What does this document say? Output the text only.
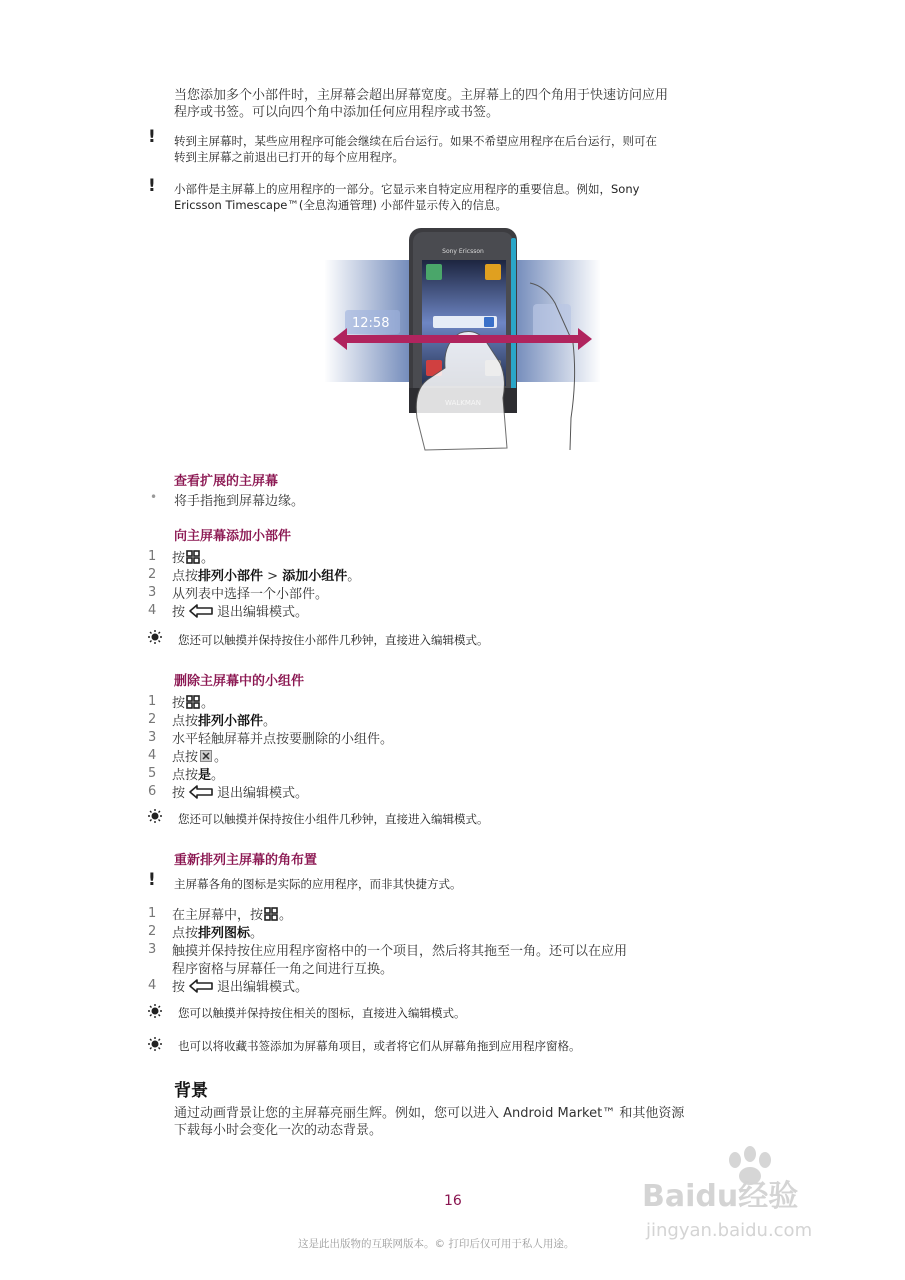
当您添加多个小部件时，主屏幕会超出屏幕宽度。主屏幕上的四个角用于快速访问应用
程序或书签。可以向四个角中添加任何应用程序或书签。
! 转到主屏幕时，某些应用程序可能会继续在后台运行。如果不希望应用程序在后台运行，则可在
转到主屏幕之前退出已打开的每个应用程序。
! 小部件是主屏幕上的应用程序的一部分。它显示来自特定应用程序的重要信息。例如，Sony
Ericsson Timescape™(全息沟通管理) 小部件显示传入的信息。
12:58
Sony Ericsson
查看扩展的主屏幕
• 将手指拖到屏幕边缘。
向主屏幕添加小部件
1 按 。
2 点按排列小部件 > 添加小组件。
3 从列表中选择一个小部件。
4 按 退出编辑模式。
您还可以触摸并保持按住小部件几秒钟，直接进入编辑模式。
删除主屏幕中的小组件
1 按 。
2 点按排列小部件。
3 水平轻触屏幕并点按要删除的小组件。
4 点按 。
5 点按是。
6 按 退出编辑模式。
您还可以触摸并保持按住小组件几秒钟，直接进入编辑模式。
重新排列主屏幕的角布置
! 主屏幕各角的图标是实际的应用程序，而非其快捷方式。
1 在主屏幕中，按 。
2 点按排列图标。
3 触摸并保持按住应用程序窗格中的一个项目，然后将其拖至一角。还可以在应用
程序窗格与屏幕任一角之间进行互换。
4 按 退出编辑模式。
您可以触摸并保持按住相关的图标，直接进入编辑模式。
也可以将收藏书签添加为屏幕角项目，或者将它们从屏幕角拖到应用程序窗格。
背景
通过动画背景让您的主屏幕亮丽生辉。例如，您可以进入 Android Market™ 和其他资源
下载每小时会变化一次的动态背景。
16
这是此出版物的互联网版本。© 打印后仅可用于私人用途。
Baidu经验
jingyan.baidu.com
